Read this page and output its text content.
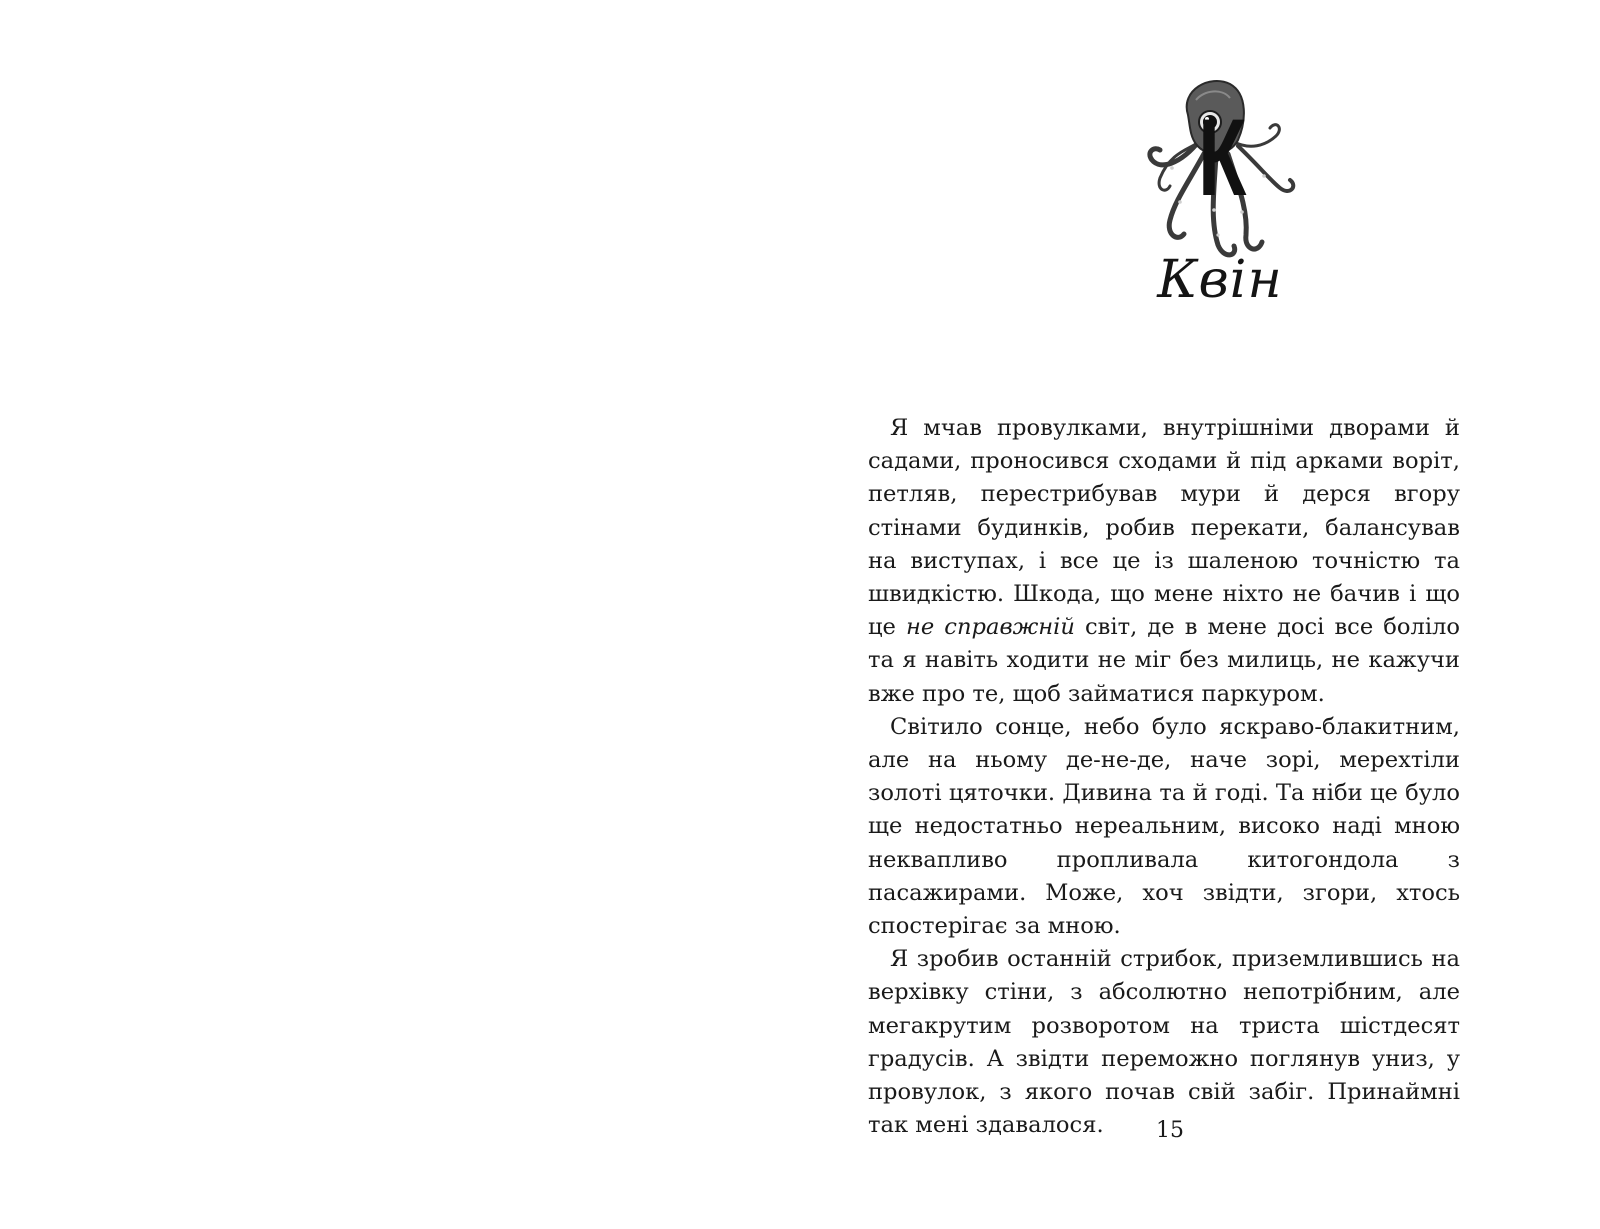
К
Квін

Я мчав провулками, внутрішніми дворами й садами, проносився сходами й під арками воріт, петляв, перестрибував мури й дерся вгору стінами будинків, робив перекати, балансував на виступах, і все це із шаленою точністю та швидкістю. Шкода, що мене ніхто не бачив і що це не справжній світ, де в мене досі все боліло та я навіть ходити не міг без милиць, не кажучи вже про те, щоб займатися паркуром.

Світило сонце, небо було яскраво-блакитним, але на ньому де-не-де, наче зорі, мерехтіли золоті цяточки. Дивина та й годі. Та ніби це було ще недостатньо нереальним, високо наді мною неквапливо пропливала китогондола з пасажирами. Може, хоч звідти, згори, хтось спостерігає за мною.

Я зробив останній стрибок, приземлившись на верхівку стіни, з абсолютно непотрібним, але мегакрутим розворотом на триста шістдесят градусів. А звідти переможно поглянув униз, у провулок, з якого почав свій забіг. Принаймні так мені здавалося.	15
